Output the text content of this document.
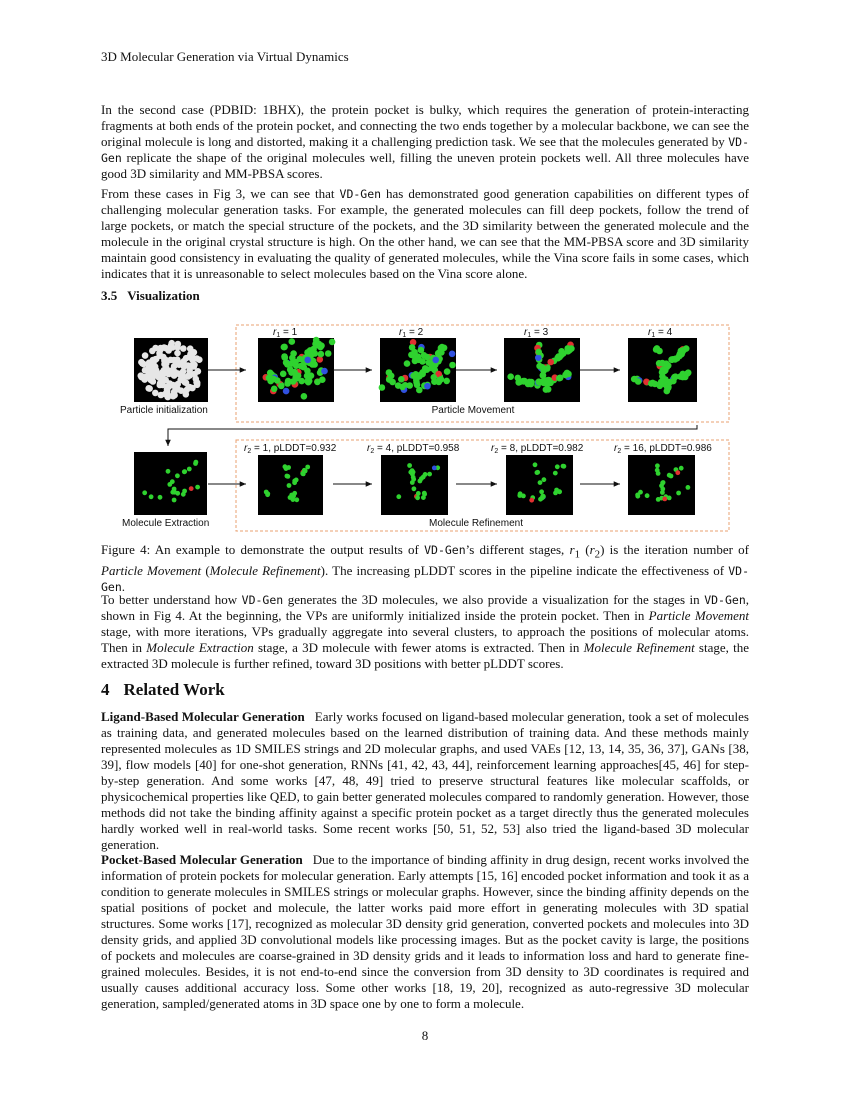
3D Molecular Generation via Virtual Dynamics

In the second case (PDBID: 1BHX), the protein pocket is bulky, which requires the generation of protein-interacting fragments at both ends of the protein pocket, and connecting the two ends together by a molecular backbone, we can see the original molecule is long and distorted, making it a challenging prediction task. We see that the molecules generated by VD-Gen replicate the shape of the original molecules well, filling the uneven protein pockets well. All three molecules have good 3D similarity and MM-PBSA scores.

From these cases in Fig 3, we can see that VD-Gen has demonstrated good generation capabilities on different types of challenging molecular generation tasks. For example, the generated molecules can fill deep pockets, follow the trend of large pockets, or match the special structure of the pockets, and the 3D similarity between the generated molecule and the molecule in the original crystal structure is high. On the other hand, we can see that the MM-PBSA score and 3D similarity maintain good consistency in evaluating the quality of generated molecules, while the Vina score fails in some cases, which indicates that it is unreasonable to select molecules based on the Vina score alone.

3.5 Visualization
Particle initialization	Particle Movement
Molecule Extraction	Molecule Refinement
$r_1 = 1$	$r_1 = 2$	$r_1 = 3$	$r_1 = 4$
$r_2 = 1$, pLDDT=0.932	$r_2 = 4$, pLDDT=0.958	$r_2 = 8$, pLDDT=0.982	$r_2 = 16$, pLDDT=0.986

Figure 4: An example to demonstrate the output results of VD-Gen’s different stages, $r_1$ $(r_2)$ is the iteration number of Particle Movement (Molecule Refinement). The increasing pLDDT scores in the pipeline indicate the effectiveness of VD-Gen.

To better understand how VD-Gen generates the 3D molecules, we also provide a visualization for the stages in VD-Gen, shown in Fig 4. At the beginning, the VPs are uniformly initialized inside the protein pocket. Then in Particle Movement stage, with more iterations, VPs gradually aggregate into several clusters, to approach the positions of molecular atoms. Then in Molecule Extraction stage, a 3D molecule with fewer atoms is extracted. Then in Molecule Refinement stage, the extracted 3D molecule is further refined, toward 3D positions with better pLDDT scores.

4 Related Work

Ligand-Based Molecular Generation Early works focused on ligand-based molecular generation, took a set of molecules as training data, and generated molecules based on the learned distribution of training data. And these methods mainly represented molecules as 1D SMILES strings and 2D molecular graphs, and used VAEs [12, 13, 14, 35, 36, 37], GANs [38, 39], flow models [40] for one-shot generation, RNNs [41, 42, 43, 44], reinforcement learning approaches[45, 46] for step-by-step generation. And some works [47, 48, 49] tried to preserve structural features like molecular scaffolds, or physicochemical properties like QED, to gain better generated molecules compared to randomly generation. However, those methods did not take the binding affinity against a specific protein pocket as a target directly thus the generated molecules hardly worked well in real-world tasks. Some recent works [50, 51, 52, 53] also tried the ligand-based 3D molecular generation.

Pocket-Based Molecular Generation Due to the importance of binding affinity in drug design, recent works involved the information of protein pockets for molecular generation. Early attempts [15, 16] encoded pocket information and took it as a condition to generate molecules in SMILES strings or molecular graphs. However, since the binding affinity depends on the spatial positions of pocket and molecule, the latter works paid more effort in generating molecules with 3D spatial structures. Some works [17], recognized as molecular 3D density grid generation, converted pockets and molecules into 3D density grids, and applied 3D convolutional models like processing images. But as the pocket cavity is large, the positions of pockets and molecules are coarse-grained in 3D density grids and it leads to information loss and hard to generate fine-grained molecules. Besides, it is not end-to-end since the conversion from 3D density to 3D coordinates is required and usually causes additional accuracy loss. Some other works [18, 19, 20], recognized as auto-regressive 3D molecular generation, sampled/generated atoms in 3D space one by one to form a molecule.

8
